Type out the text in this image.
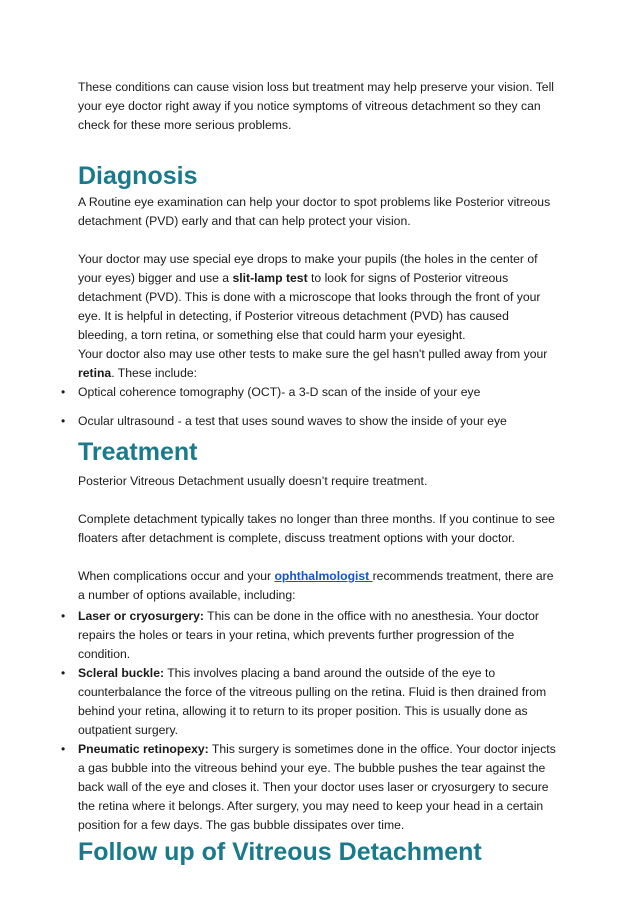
These conditions can cause vision loss but treatment may help preserve your vision. Tell your eye doctor right away if you notice symptoms of vitreous detachment so they can check for these more serious problems.

Diagnosis

A Routine eye examination can help your doctor to spot problems like Posterior vitreous detachment (PVD) early and that can help protect your vision.

Your doctor may use special eye drops to make your pupils (the holes in the center of your eyes) bigger and use a slit-lamp test to look for signs of Posterior vitreous detachment (PVD). This is done with a microscope that looks through the front of your eye. It is helpful in detecting, if Posterior vitreous detachment (PVD) has caused bleeding, a torn retina, or something else that could harm your eyesight.

Your doctor also may use other tests to make sure the gel hasn't pulled away from your retina. These include:

• Optical coherence tomography (OCT)- a 3-D scan of the inside of your eye
• Ocular ultrasound - a test that uses sound waves to show the inside of your eye
Treatment

Posterior Vitreous Detachment usually doesn’t require treatment.

Complete detachment typically takes no longer than three months. If you continue to see floaters after detachment is complete, discuss treatment options with your doctor.

When complications occur and your ophthalmologist recommends treatment, there are a number of options available, including:

• Laser or cryosurgery: This can be done in the office with no anesthesia. Your doctor repairs the holes or tears in your retina, which prevents further progression of the condition.
• Scleral buckle: This involves placing a band around the outside of the eye to counterbalance the force of the vitreous pulling on the retina. Fluid is then drained from behind your retina, allowing it to return to its proper position. This is usually done as outpatient surgery.
• Pneumatic retinopexy: This surgery is sometimes done in the office. Your doctor injects a gas bubble into the vitreous behind your eye. The bubble pushes the tear against the back wall of the eye and closes it. Then your doctor uses laser or cryosurgery to secure the retina where it belongs. After surgery, you may need to keep your head in a certain position for a few days. The gas bubble dissipates over time.
Follow up of Vitreous Detachment
